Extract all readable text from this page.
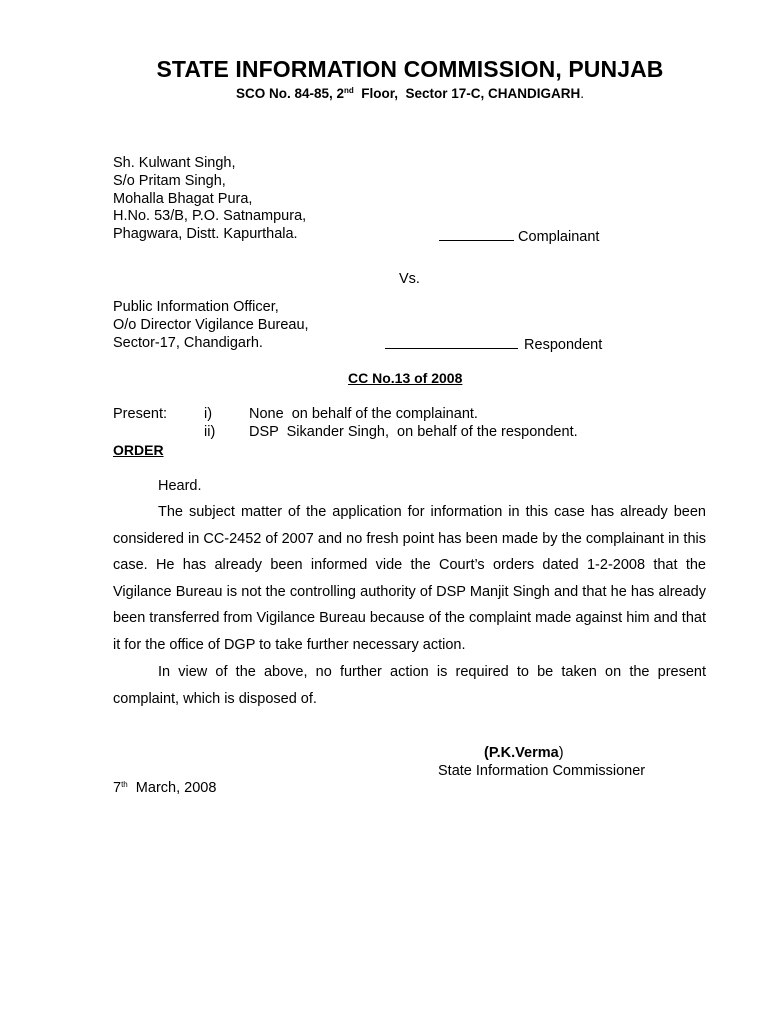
STATE INFORMATION COMMISSION, PUNJAB
SCO No. 84-85, 2nd  Floor,  Sector 17-C, CHANDIGARH.
Sh. Kulwant Singh,
S/o Pritam Singh,
Mohalla Bhagat Pura,
H.No. 53/B, P.O. Satnampura,
Phagwara, Distt. Kapurthala.	Complainant
Vs.
Public Information Officer,
O/o Director Vigilance Bureau,
Sector-17, Chandigarh.	Respondent
CC No.13 of 2008
Present:	i)	None  on behalf of the complainant.
ii) DSP  Sikander Singh,  on behalf of the respondent.
ORDER
Heard.
The subject matter of the application for information in this case has already been considered in CC-2452 of 2007 and no fresh point has been made by the complainant in this case. He has already been informed vide the Court’s orders dated 1-2-2008 that the Vigilance Bureau is not the controlling authority of DSP Manjit Singh and that he has already been transferred from Vigilance Bureau because of the complaint made against him and that it for the office of DGP to take further necessary action.
In view of the above, no further action is required to be taken on the present complaint, which is disposed of.
(P.K.Verma)
State Information Commissioner
7th  March, 2008
